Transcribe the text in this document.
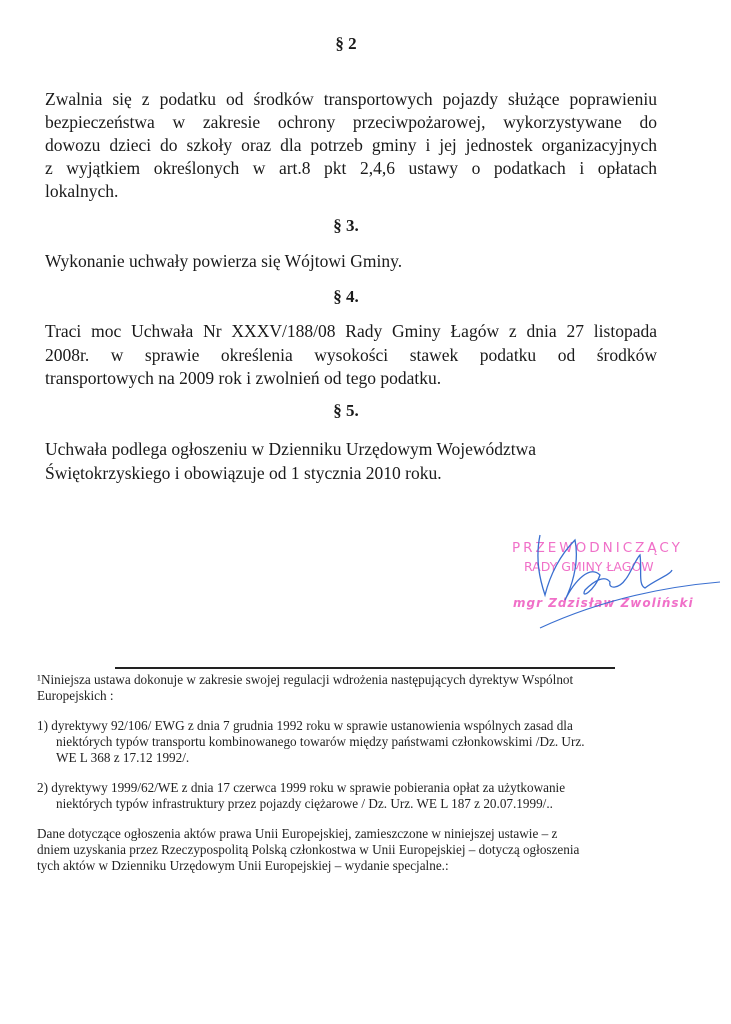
§ 2
Zwalnia się z podatku od środków transportowych pojazdy służące poprawieniu
bezpieczeństwa w zakresie ochrony przeciwpożarowej, wykorzystywane do
dowozu dzieci do szkoły oraz dla potrzeb gminy i jej jednostek organizacyjnych
z wyjątkiem określonych w art.8 pkt 2,4,6 ustawy o podatkach i opłatach
lokalnych.
§ 3.
Wykonanie uchwały powierza się Wójtowi Gminy.
§ 4.
Traci moc Uchwała Nr XXXV/188/08 Rady Gminy Łagów z dnia 27 listopada
2008r. w sprawie określenia wysokości stawek podatku od środków
transportowych na 2009 rok i zwolnień od tego podatku.
§ 5.
Uchwała podlega ogłoszeniu w Dzienniku Urzędowym Województwa
Świętokrzyskiego i obowiązuje od 1 stycznia 2010 roku.
PRZEWODNICZĄCY
RADY GMINY ŁAGÓW
mgr Zdzisław Zwoliński
¹Niniejsza ustawa dokonuje w zakresie swojej regulacji wdrożenia następujących dyrektyw Wspólnot
Europejskich :
1) dyrektywy 92/106/ EWG z dnia 7 grudnia 1992 roku w sprawie ustanowienia wspólnych zasad dla
niektórych typów transportu kombinowanego towarów między państwami członkowskimi /Dz. Urz.
WE L 368 z 17.12 1992/.
2) dyrektywy 1999/62/WE z dnia 17 czerwca 1999 roku w sprawie pobierania opłat za użytkowanie
niektórych typów infrastruktury przez pojazdy ciężarowe / Dz. Urz. WE L 187 z 20.07.1999/..
Dane dotyczące ogłoszenia aktów prawa Unii Europejskiej, zamieszczone w niniejszej ustawie – z
dniem uzyskania przez Rzeczypospolitą Polską członkostwa w Unii Europejskiej – dotyczą ogłoszenia
tych aktów w Dzienniku Urzędowym Unii Europejskiej – wydanie specjalne.:
